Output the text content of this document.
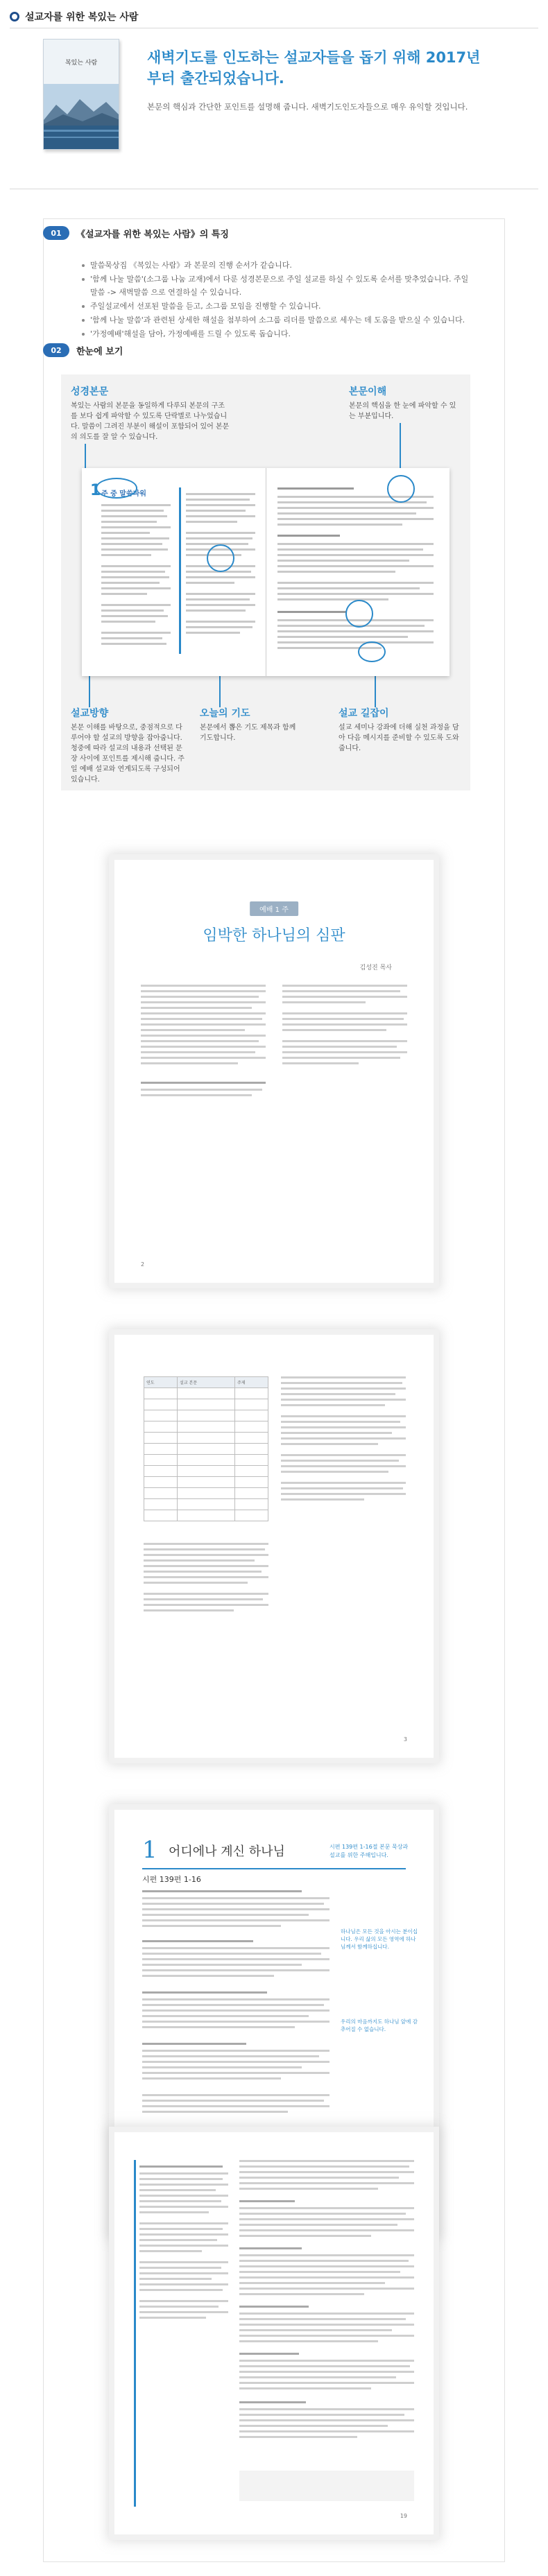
설교자를 위한 복있는 사람
복있는 사람	새벽기도를 인도하는 설교자들을 돕기 위해 2017년부터 출간되었습니다.
본문의 핵심과 간단한 포인트를 설명해 줍니다. 새벽기도인도자들으로 매우 유익할 것입니다.
01	《설교자를 위한 복있는 사람》의 특징
말씀묵상집 《복있는 사람》과 본문의 진행 순서가 같습니다.
'함께 나눌 말씀'(소그룹 나눔 교재)에서 다룬 성경본문으로 주일 설교를 하실 수 있도록 순서를 맞추었습니다. 주일말씀 -> 새벽말씀 으로 연결하실 수 있습니다.
주일설교에서 선포된 말씀을 듣고, 소그룹 모임을 진행할 수 있습니다.
'함께 나눌 말씀'과 관련된 상세한 해설을 첨부하여 소그룹 리더를 말씀으로 세우는 데 도움을 받으실 수 있습니다.
'가정예배'해설을 담아, 가정예배를 드릴 수 있도록 돕습니다.
02	한눈에 보기
성경본문
복있는 사람의 본문을 동일하게 다루되 본문의 구조를 보다 쉽게 파악할 수 있도록 단락별로 나누었습니다. 말씀이 그려진 부분이 해설이 포함되어 있어 본문의 의도를 잘 알 수 있습니다.
본문이해
본문의 핵심을 한 눈에 파악할 수 있는 부분입니다.
1 주 중 말씀파워
설교방향
본문 이해를 바탕으로, 중점적으로 다루어야 할 설교의 방향을 잡아줍니다. 청중에 따라 설교의 내용과 선택된 문장 사이에 포인트를 제시해 줍니다. 주일 예배 설교와 연계되도록 구성되어 있습니다.
오늘의 기도
본문에서 뽑은 기도 제목과 함께 기도합니다.
설교 길잡이
설교 세미나 강좌에 더해 실천 과정을 담아 다음 메시지를 준비할 수 있도록 도와줍니다.
예배 1 주
임박한 하나님의 심판
김성진 목사
2
연도	설교 본문	주제

3
1 어디에나 계신 하나님
시편 139편 1-16
시편 139편 1-16절 본문 묵상과 설교를 위한 주해입니다.
하나님은 모든 것을 아시는 분이십니다. 우리 삶의 모든 영역에 하나님께서 함께하십니다.
우리의 마음까지도 하나님 앞에 감추어질 수 없습니다.
19
